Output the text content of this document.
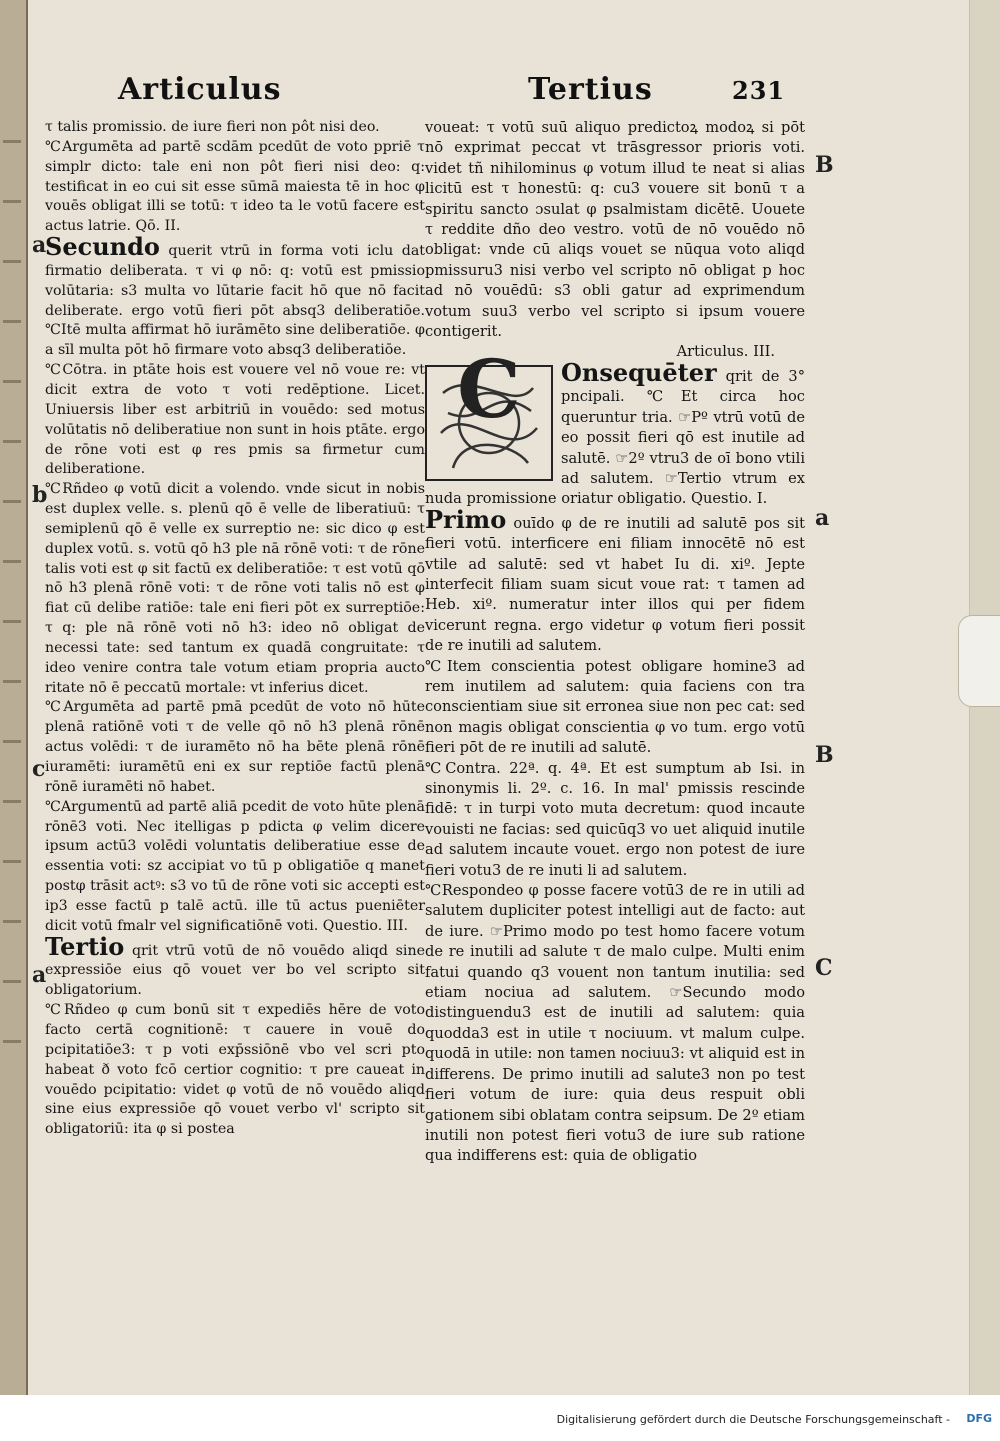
Articulus	Tertius	231

τ talis promissio. de iure fieri non pôt nisi deo.

℃Argumēta ad partē scdām pcedūt de voto ppriē τ simplr dicto: tale eni non pôt fieri nisi deo: q: testificat in eo cui sit esse sūmā maiesta tē in hoc φ vouēs obligat illi se totū: τ ideo ta le votū facere est actus latrie. Qō. II.

Secundo querit vtrū in forma voti iclu dat firmatio deliberata. τ vi φ nō: q: votū est pmissio volūtaria: s3 multa vo lūtarie facit hō que nō facit deliberate. ergo votū fieri pōt absq3 deliberatiōe. ℃Itē multa affirmat hō iurāmēto sine deliberatiōe. φ a sīl multa pōt hō firmare voto absq3 deliberatiōe.

℃Cōtra. in ptāte hois est vouere vel nō voue re: vt dicit extra de voto τ voti redēptione. Licet. Uniuersis liber est arbitriū in vouēdo: sed motus volūtatis nō deliberatiue non sunt in hois ptāte. ergo de rōne voti est φ res pmis sa firmetur cum deliberatione.

℃Rñdeo φ votū dicit a volendo. vnde sicut in nobis est duplex velle. s. plenū qō ē velle de liberatiuū: τ semiplenū qō ē velle ex surreptio ne: sic dico φ est duplex votū. s. votū qō h3 ple nā rōnē voti: τ de rōne talis voti est φ sit factū ex deliberatiōe: τ est votū qō nō h3 plenā rōnē voti: τ de rōne voti talis nō est φ fiat cū delibe ratiōe: tale eni fieri pōt ex surreptiōe: τ q: ple nā rōnē voti nō h3: ideo nō obligat de necessi tate: sed tantum ex quadā congruitate: τ ideo venire contra tale votum etiam propria aucto ritate nō ē peccatū mortale: vt inferius dicet.

℃Argumēta ad partē pmā pcedūt de voto nō hūte plenā ratiōnē voti τ de velle qō nō h3 plenā rōnē actus volēdi: τ de iuramēto nō ha bēte plenā rōnē iuramēti: iuramētū eni ex sur reptiōe factū plenā rōnē iuramēti nō habet.

℃Argumentū ad partē aliā pcedit de voto hūte plenā rōnē3 voti. Nec itelligas p pdicta φ velim dicere ipsum actū3 volēdi voluntatis deliberatiue esse de essentia voti: sz accipiat vo tū p obligatiōe q manet postφ trāsit actꝰ: s3 vo tū de rōne voti sic accepti est ip3 esse factū p talē actū. ille tū actus pueniēter dicit votū fmalr vel significatiōnē voti. Questio. III.

Tertio qrit vtrū votū de nō vouēdo aliqd sine expressiōe eius qō vouet ver bo vel scripto sit obligatorium.

℃Rñdeo φ cum bonū sit τ expediēs hēre de voto facto certā cognitionē: τ cauere in vouē do pcipitatiōe3: τ p voti exp̄ssiōnē vbo vel scri pto habeat ð voto fcō certior cognitio: τ pre caueat in vouēdo pcipitatio: videt φ votū de nō vouēdo aliqd sine eius expressiōe qō vouet verbo vl' scripto sit obligatoriū: ita φ si postea

voueat: τ votū suū aliquo predictoꝝ modoꝝ si pōt nō exprimat peccat vt trāsgressor prioris voti. videt tñ nihilominus φ votum illud te neat si alias licitū est τ honestū: q: cu3 vouere sit bonū τ a spiritu sancto ɔsulat φ psalmistam dicētē. Uouete τ reddite dño deo vestro. votū de nō vouēdo nō obligat: vnde cū aliqs vouet se nūqua voto aliqd pmissuru3 nisi verbo vel scripto nō obligat p hoc ad nō vouēdū: s3 obli gatur ad exprimendum votum suu3 verbo vel scripto si ipsum vouere contigerit.

Articulus. III.

C	Onsequēter qrit de 3° pncipali. ℃Et circa hoc queruntur tria. ☞Pº vtrū votū de eo possit fieri qō est inutile ad salutē. ☞2º vtru3 de oī bono vtili ad salutem. ☞Tertio vtrum ex nuda promissione oriatur obligatio. Questio. I.

Primo ouīdo φ de re inutili ad salutē pos sit fieri votū. interficere eni filiam innocētē nō est vtile ad salutē: sed vt habet Iu di. xiº. Jepte interfecit filiam suam sicut voue rat: τ tamen ad Heb. xiº. numeratur inter illos qui per fidem vicerunt regna. ergo videtur φ votum fieri possit de re inutili ad salutem.

℃Item conscientia potest obligare homine3 ad rem inutilem ad salutem: quia faciens con tra conscientiam siue sit erronea siue non pec cat: sed non magis obligat conscientia φ vo tum. ergo votū fieri pōt de re inutili ad salutē.

℃Contra. 22ª. q. 4ª. Et est sumptum ab Isi. in sinonymis li. 2º. c. 16. In mal' pmissis rescinde fidē: τ in turpi voto muta decretum: quod incaute vouisti ne facias: sed quicūq3 vo uet aliquid inutile ad salutem incaute vouet. ergo non potest de iure fieri votu3 de re inuti li ad salutem.

℃Respondeo φ posse facere votū3 de re in utili ad salutem dupliciter potest intelligi aut de facto: aut de iure. ☞Primo modo po test homo facere votum de re inutili ad salute τ de malo culpe. Multi enim fatui quando q3 vouent non tantum inutilia: sed etiam nociua ad salutem. ☞Secundo modo distinguendu3 est de inutili ad salutem: quia quodda3 est in utile τ nociuum. vt malum culpe. quodā in utile: non tamen nociuu3: vt aliquid est in differens. De primo inutili ad salute3 non po test fieri votum de iure: quia deus respuit obli gationem sibi oblatam contra seipsum. De 2º etiam inutili non potest fieri votu3 de iure sub ratione qua indifferens est: quia de obligatio

a
b
c
a
B
a
B
C
Digitalisierung gefördert durch die Deutsche Forschungsgemeinschaft - DFG
